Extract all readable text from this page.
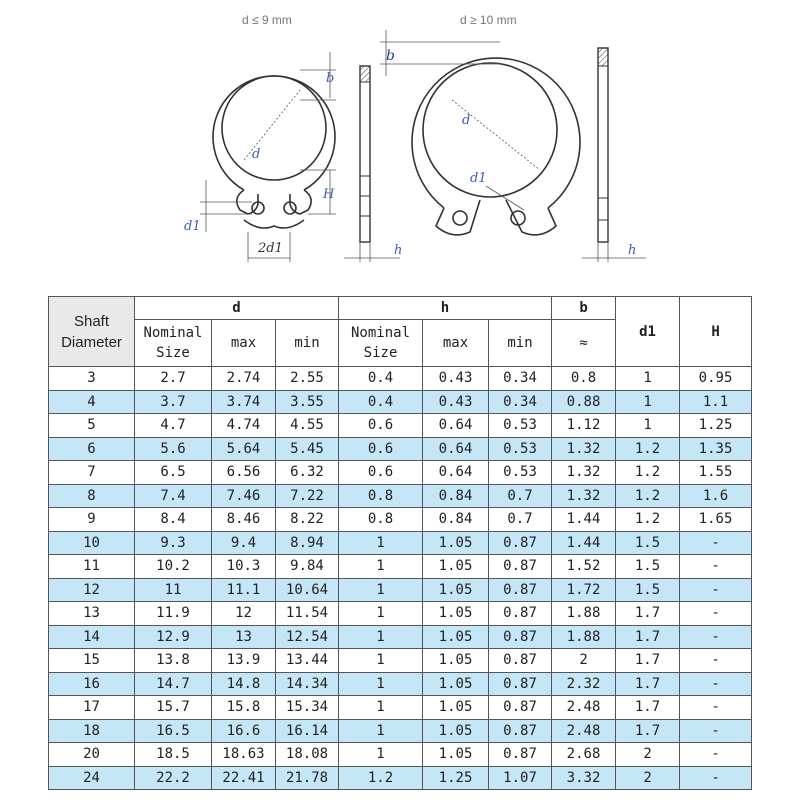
d ≤ 9 mm	d ≥ 10 mm
d
b
H
d1
2d1	h
d
b
d1
h
Shaft Diameter	d			h			b	d1	H
	Nominal Size	max	min	Nominal Size	max	min	≈		
3	2.7	2.74	2.55	0.4	0.43	0.34	0.8	1	0.95
4	3.7	3.74	3.55	0.4	0.43	0.34	0.88	1	1.1
5	4.7	4.74	4.55	0.6	0.64	0.53	1.12	1	1.25
6	5.6	5.64	5.45	0.6	0.64	0.53	1.32	1.2	1.35
7	6.5	6.56	6.32	0.6	0.64	0.53	1.32	1.2	1.55
8	7.4	7.46	7.22	0.8	0.84	0.7	1.32	1.2	1.6
9	8.4	8.46	8.22	0.8	0.84	0.7	1.44	1.2	1.65
10	9.3	9.4	8.94	1	1.05	0.87	1.44	1.5	-
11	10.2	10.3	9.84	1	1.05	0.87	1.52	1.5	-
12	11	11.1	10.64	1	1.05	0.87	1.72	1.5	-
13	11.9	12	11.54	1	1.05	0.87	1.88	1.7	-
14	12.9	13	12.54	1	1.05	0.87	1.88	1.7	-
15	13.8	13.9	13.44	1	1.05	0.87	2	1.7	-
16	14.7	14.8	14.34	1	1.05	0.87	2.32	1.7	-
17	15.7	15.8	15.34	1	1.05	0.87	2.48	1.7	-
18	16.5	16.6	16.14	1	1.05	0.87	2.48	1.7	-
20	18.5	18.63	18.08	1	1.05	0.87	2.68	2	-
24	22.2	22.41	21.78	1.2	1.25	1.07	3.32	2	-
